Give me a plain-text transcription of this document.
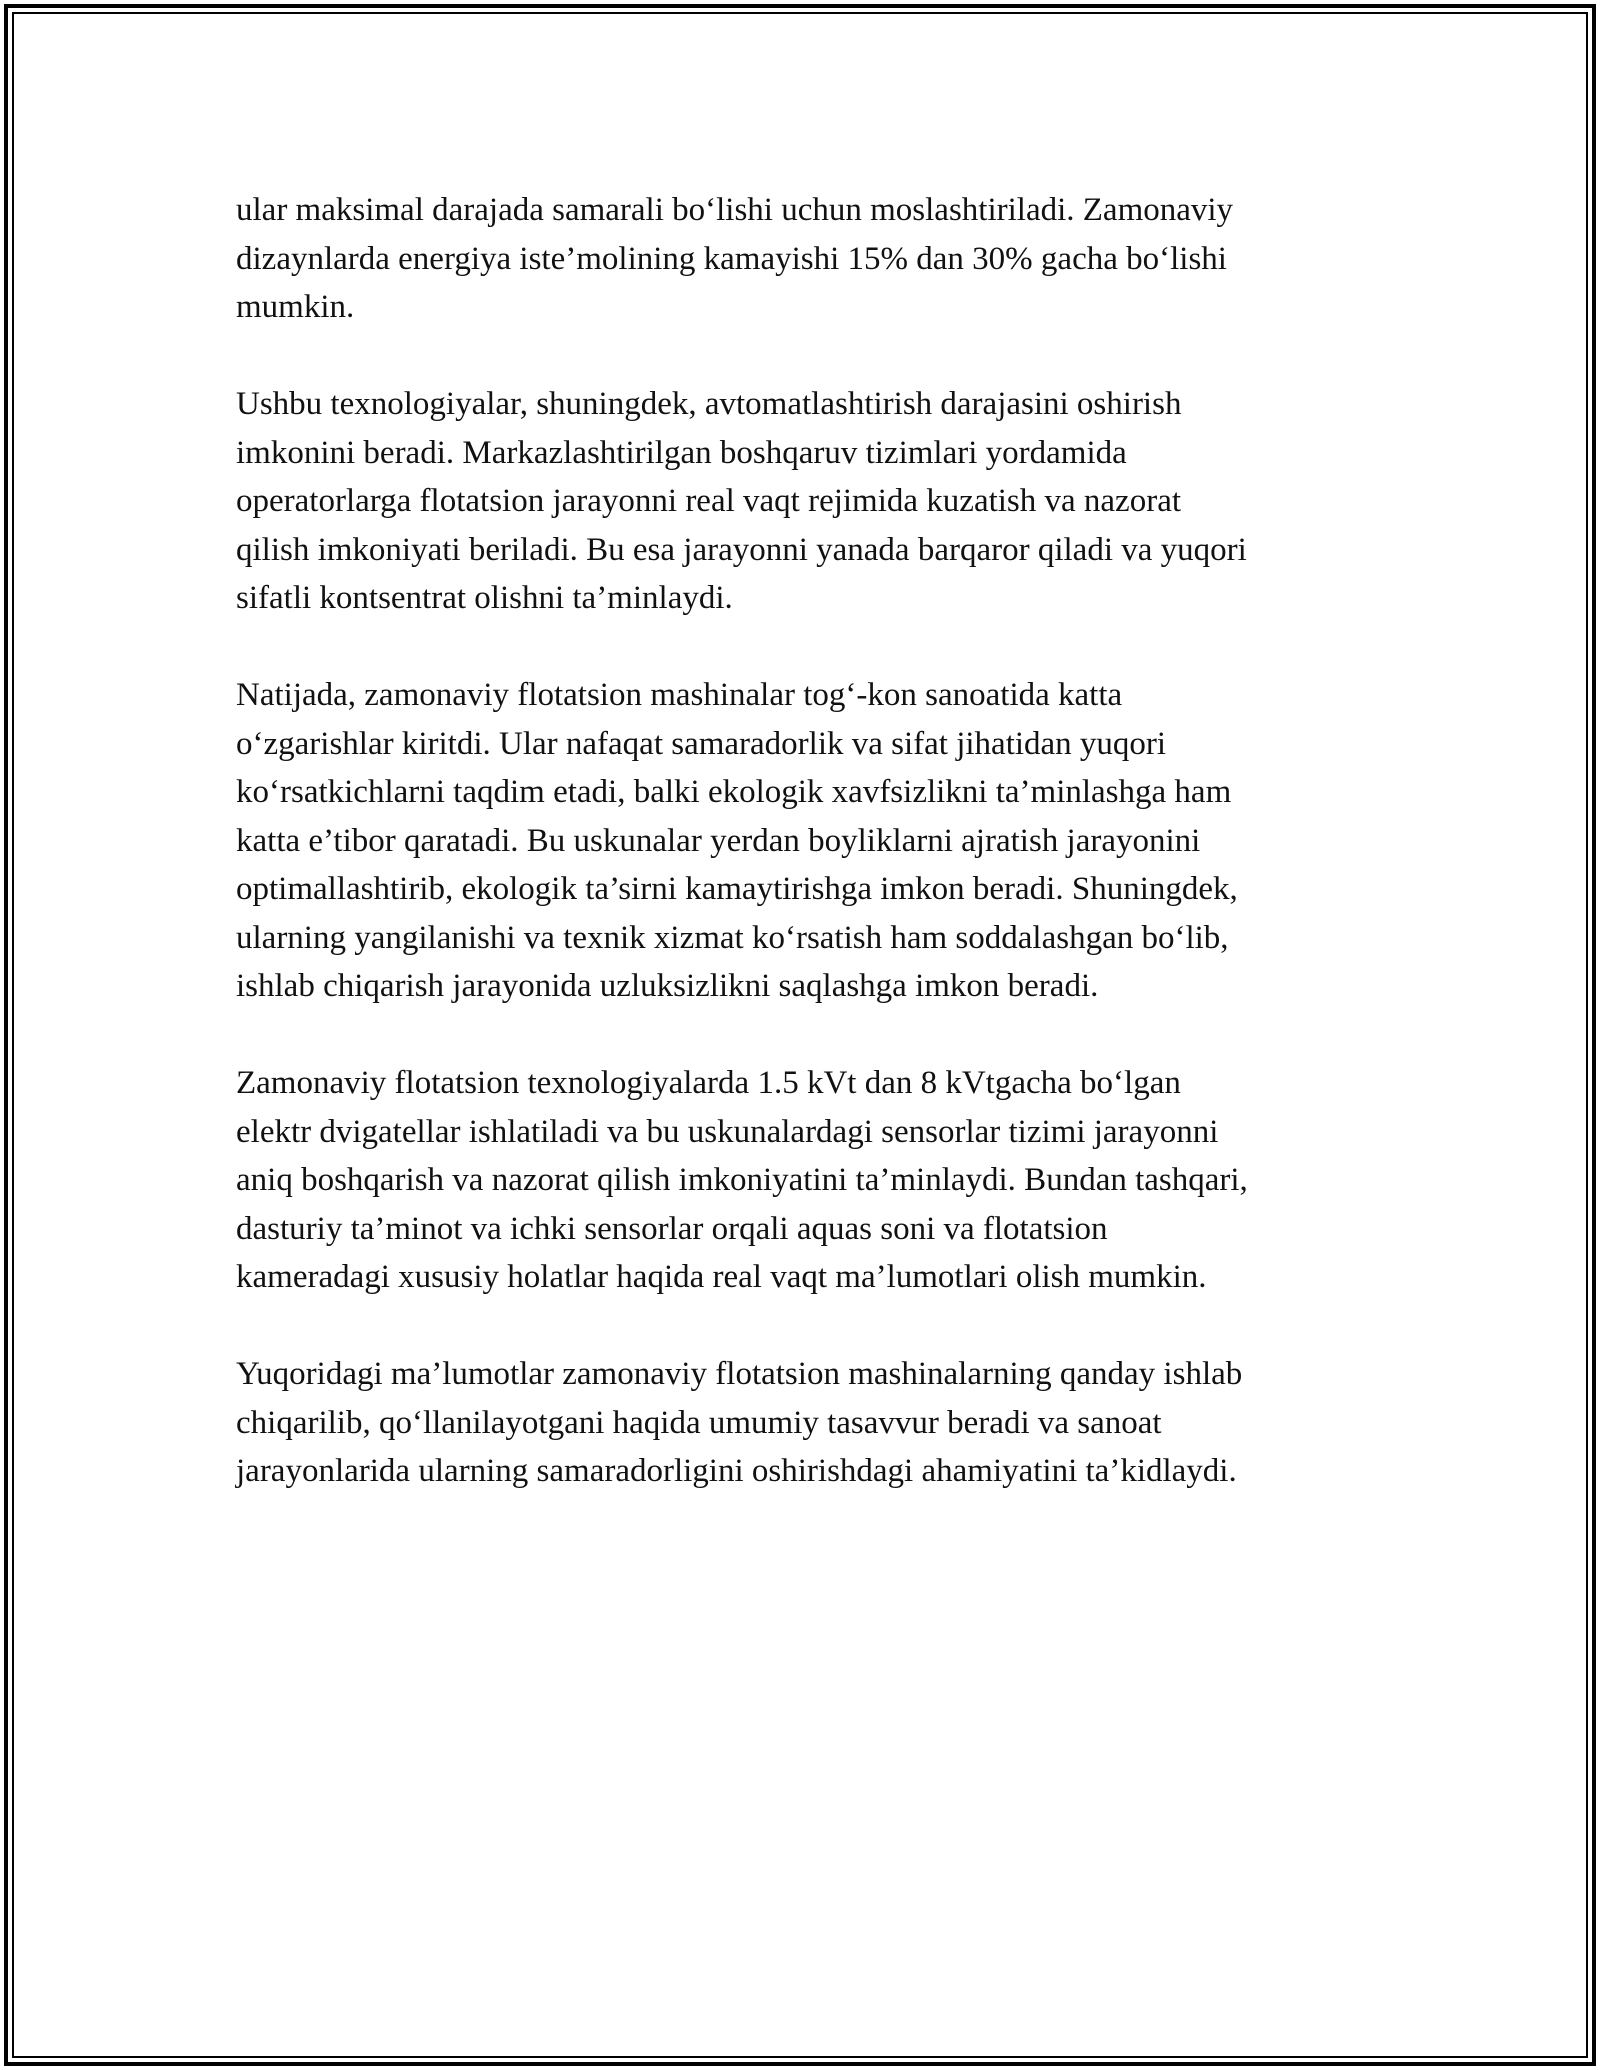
ular maksimal darajada samarali bo‘lishi uchun moslashtiriladi. Zamonaviy
dizaynlarda energiya iste’molining kamayishi 15% dan 30% gacha bo‘lishi
mumkin.

Ushbu texnologiyalar, shuningdek, avtomatlashtirish darajasini oshirish
imkonini beradi. Markazlashtirilgan boshqaruv tizimlari yordamida
operatorlarga flotatsion jarayonni real vaqt rejimida kuzatish va nazorat
qilish imkoniyati beriladi. Bu esa jarayonni yanada barqaror qiladi va yuqori
sifatli kontsentrat olishni ta’minlaydi.

Natijada, zamonaviy flotatsion mashinalar tog‘-kon sanoatida katta
o‘zgarishlar kiritdi. Ular nafaqat samaradorlik va sifat jihatidan yuqori
ko‘rsatkichlarni taqdim etadi, balki ekologik xavfsizlikni ta’minlashga ham
katta e’tibor qaratadi. Bu uskunalar yerdan boyliklarni ajratish jarayonini
optimallashtirib, ekologik ta’sirni kamaytirishga imkon beradi. Shuningdek,
ularning yangilanishi va texnik xizmat ko‘rsatish ham soddalashgan bo‘lib,
ishlab chiqarish jarayonida uzluksizlikni saqlashga imkon beradi.

Zamonaviy flotatsion texnologiyalarda 1.5 kVt dan 8 kVtgacha bo‘lgan
elektr dvigatellar ishlatiladi va bu uskunalardagi sensorlar tizimi jarayonni
aniq boshqarish va nazorat qilish imkoniyatini ta’minlaydi. Bundan tashqari,
dasturiy ta’minot va ichki sensorlar orqali aquas soni va flotatsion
kameradagi xususiy holatlar haqida real vaqt ma’lumotlari olish mumkin.

Yuqoridagi ma’lumotlar zamonaviy flotatsion mashinalarning qanday ishlab
chiqarilib, qo‘llanilayotgani haqida umumiy tasavvur beradi va sanoat
jarayonlarida ularning samaradorligini oshirishdagi ahamiyatini ta’kidlaydi.
